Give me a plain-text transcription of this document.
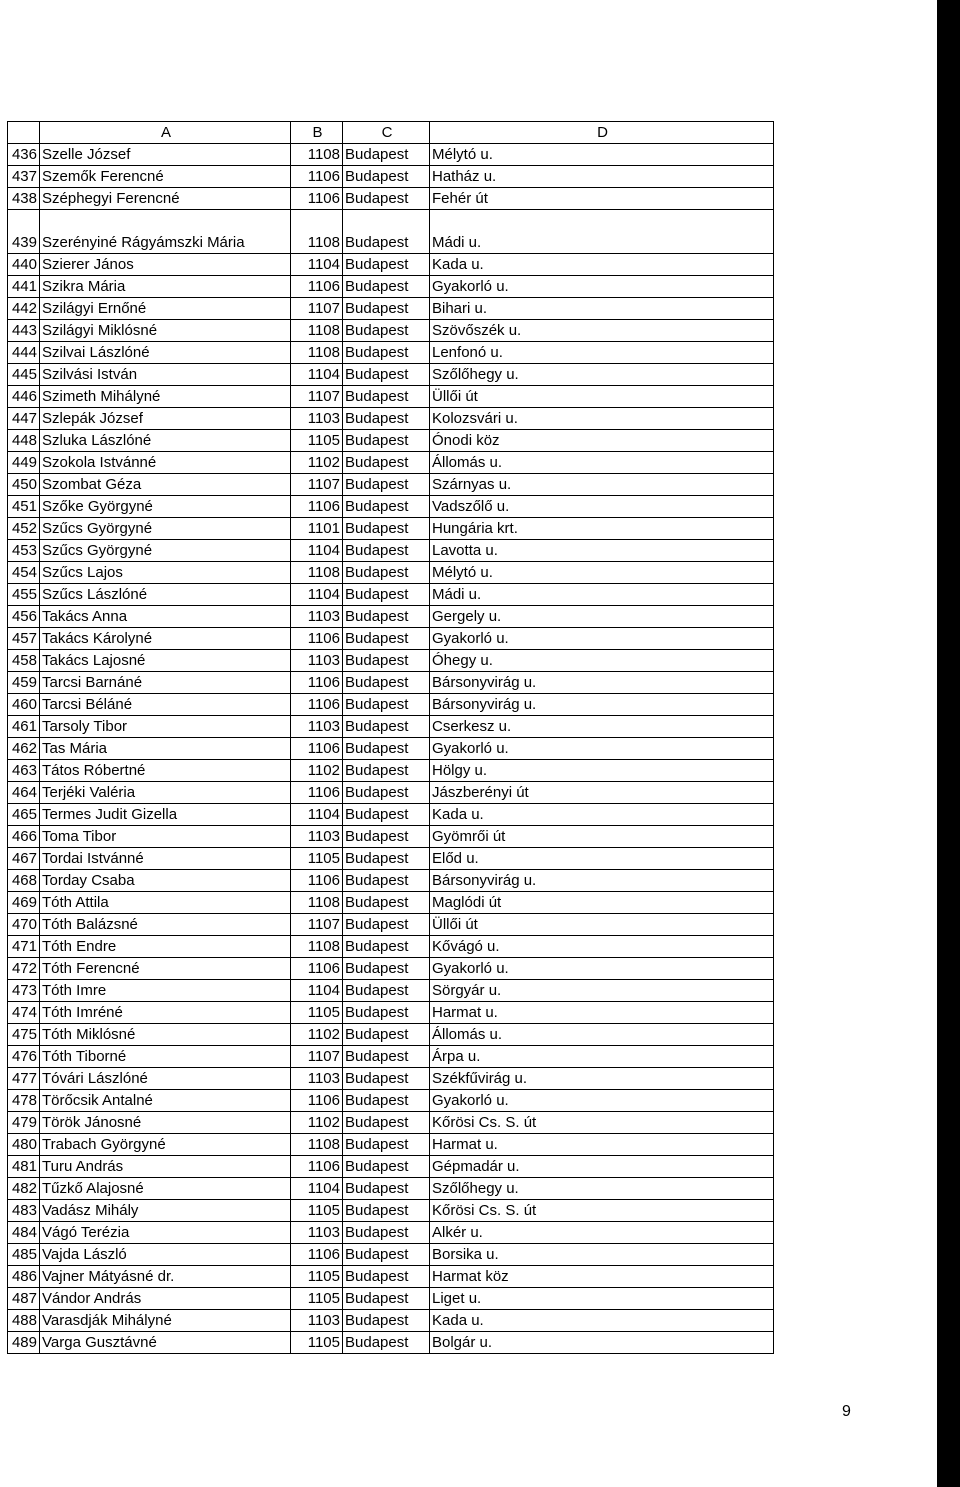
	A	B	C	D
436	Szelle József	1108	Budapest	Mélytó u.
437	Szemők Ferencné	1106	Budapest	Hatház u.
438	Széphegyi Ferencné	1106	Budapest	Fehér út
439	Szerényiné Rágyámszki Mária	1108	Budapest	Mádi u.
440	Szierer János	1104	Budapest	Kada u.
441	Szikra Mária	1106	Budapest	Gyakorló u.
442	Szilágyi Ernőné	1107	Budapest	Bihari u.
443	Szilágyi Miklósné	1108	Budapest	Szövőszék u.
444	Szilvai Lászlóné	1108	Budapest	Lenfonó u.
445	Szilvási István	1104	Budapest	Szőlőhegy u.
446	Szimeth Mihályné	1107	Budapest	Üllői út
447	Szlepák József	1103	Budapest	Kolozsvári u.
448	Szluka Lászlóné	1105	Budapest	Ónodi köz
449	Szokola Istvánné	1102	Budapest	Állomás u.
450	Szombat Géza	1107	Budapest	Szárnyas u.
451	Szőke Györgyné	1106	Budapest	Vadszőlő u.
452	Szűcs Györgyné	1101	Budapest	Hungária krt.
453	Szűcs Györgyné	1104	Budapest	Lavotta u.
454	Szűcs Lajos	1108	Budapest	Mélytó u.
455	Szűcs Lászlóné	1104	Budapest	Mádi u.
456	Takács Anna	1103	Budapest	Gergely u.
457	Takács Károlyné	1106	Budapest	Gyakorló u.
458	Takács Lajosné	1103	Budapest	Óhegy u.
459	Tarcsi Barnáné	1106	Budapest	Bársonyvirág u.
460	Tarcsi Béláné	1106	Budapest	Bársonyvirág u.
461	Tarsoly Tibor	1103	Budapest	Cserkesz u.
462	Tas Mária	1106	Budapest	Gyakorló u.
463	Tátos Róbertné	1102	Budapest	Hölgy u.
464	Terjéki Valéria	1106	Budapest	Jászberényi út
465	Termes Judit Gizella	1104	Budapest	Kada u.
466	Toma Tibor	1103	Budapest	Gyömrői út
467	Tordai Istvánné	1105	Budapest	Előd u.
468	Torday Csaba	1106	Budapest	Bársonyvirág u.
469	Tóth Attila	1108	Budapest	Maglódi út
470	Tóth Balázsné	1107	Budapest	Üllői út
471	Tóth Endre	1108	Budapest	Kővágó u.
472	Tóth Ferencné	1106	Budapest	Gyakorló u.
473	Tóth Imre	1104	Budapest	Sörgyár u.
474	Tóth Imréné	1105	Budapest	Harmat u.
475	Tóth Miklósné	1102	Budapest	Állomás u.
476	Tóth Tiborné	1107	Budapest	Árpa u.
477	Tóvári Lászlóné	1103	Budapest	Székfűvirág u.
478	Törőcsik Antalné	1106	Budapest	Gyakorló u.
479	Török Jánosné	1102	Budapest	Kőrösi Cs. S. út
480	Trabach Györgyné	1108	Budapest	Harmat u.
481	Turu András	1106	Budapest	Gépmadár u.
482	Tűzkő Alajosné	1104	Budapest	Szőlőhegy u.
483	Vadász Mihály	1105	Budapest	Kőrösi Cs. S. út
484	Vágó Terézia	1103	Budapest	Alkér u.
485	Vajda László	1106	Budapest	Borsika u.
486	Vajner Mátyásné dr.	1105	Budapest	Harmat köz
487	Vándor András	1105	Budapest	Liget u.
488	Varasdják Mihályné	1103	Budapest	Kada u.
489	Varga Gusztávné	1105	Budapest	Bolgár u.
9
